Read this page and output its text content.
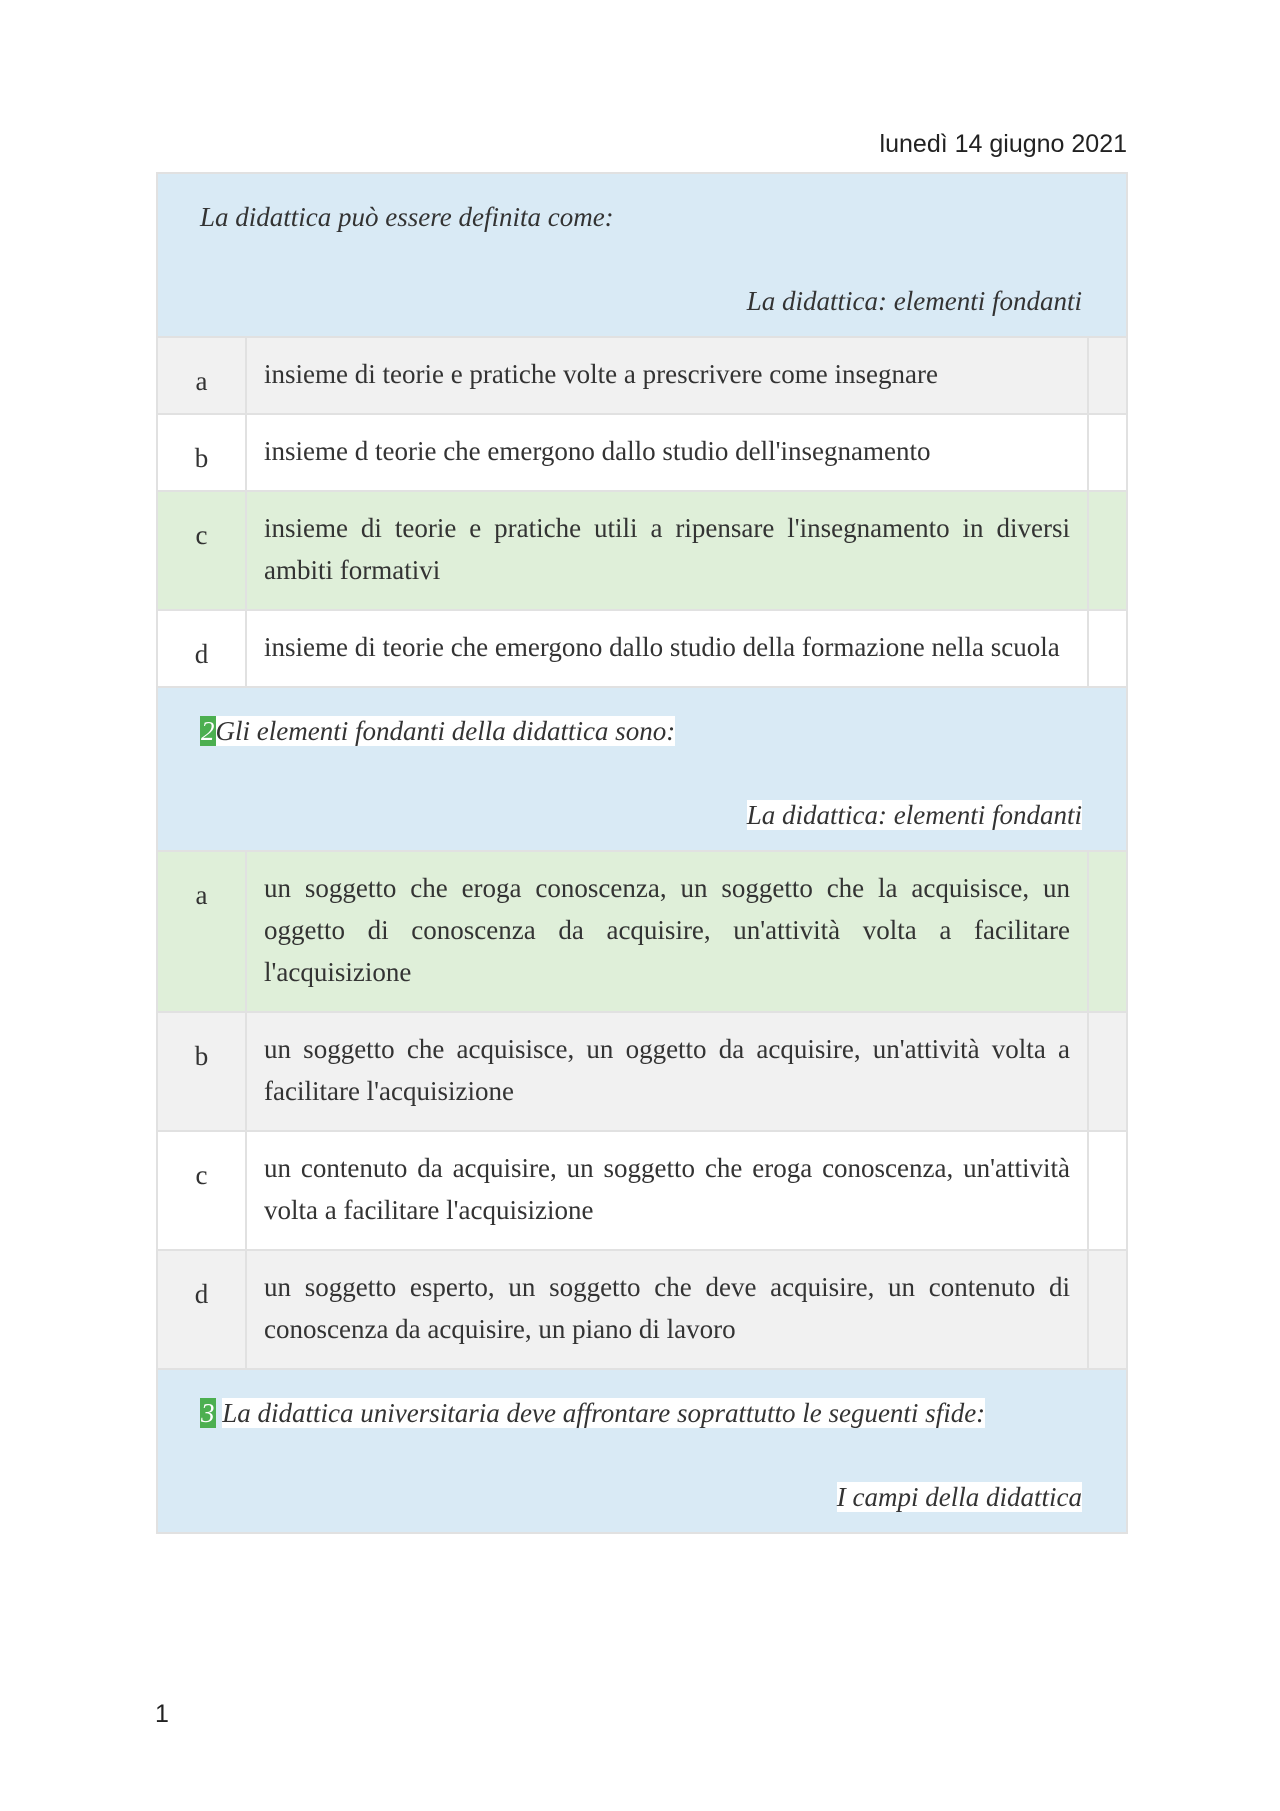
lunedì 14 giugno 2021
La didattica può essere definita come:
La didattica: elementi fondanti		

a	insieme di teorie e pratiche volte a prescrivere come insegnare	
b	insieme d teorie che emergono dallo studio dell'insegnamento	
c	insieme di teorie e pratiche utili a ripensare l'insegnamento in diversi ambiti formativi	
d	insieme di teorie che emergono dallo studio della formazione nella scuola	

2Gli elementi fondanti della didattica sono:
La didattica: elementi fondanti		

a	un soggetto che eroga conoscenza, un soggetto che la acquisisce, un oggetto di conoscenza da acquisire, un'attività volta a facilitare l'acquisizione	
b	un soggetto che acquisisce, un oggetto da acquisire, un'attività volta a facilitare l'acquisizione	
c	un contenuto da acquisire, un soggetto che eroga conoscenza, un'attività volta a facilitare l'acquisizione	
d	un soggetto esperto, un soggetto che deve acquisire, un contenuto di conoscenza da acquisire, un piano di lavoro	

3 La didattica universitaria deve affrontare soprattutto le seguenti sfide:
I campi della didattica		
1
